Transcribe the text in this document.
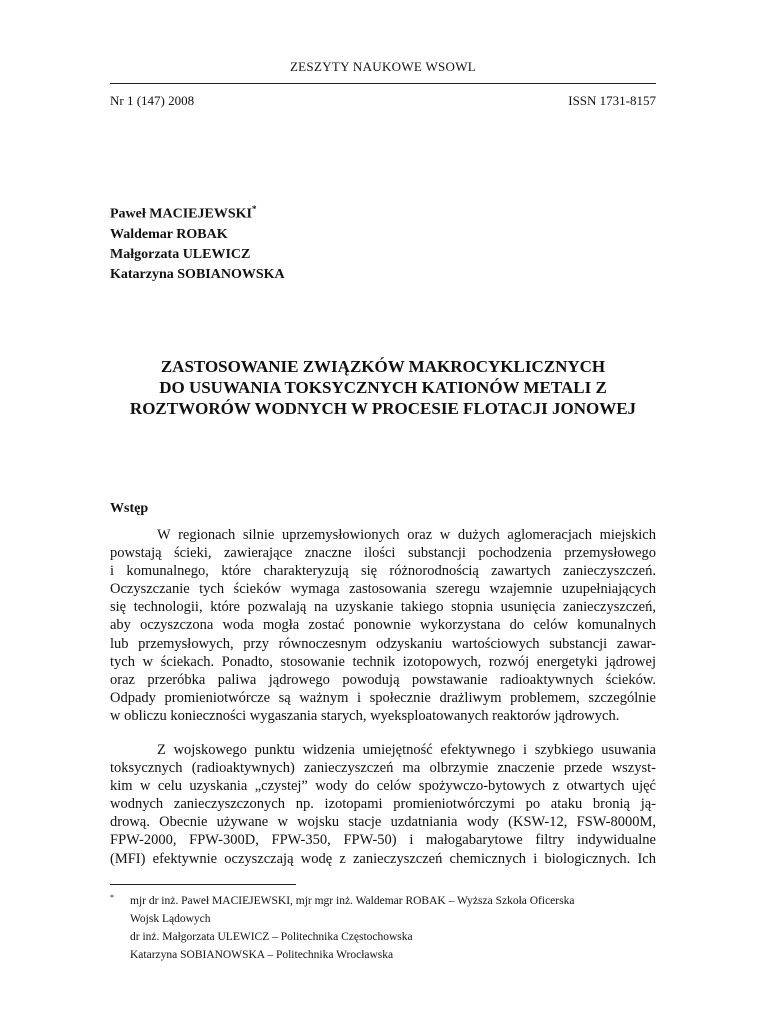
ZESZYTY NAUKOWE WSOWL
Nr 1 (147) 2008	ISSN 1731-8157
Paweł MACIEJEWSKI*
Waldemar ROBAK
Małgorzata ULEWICZ
Katarzyna SOBIANOWSKA
ZASTOSOWANIE ZWIĄZKÓW MAKROCYKLICZNYCH
DO USUWANIA TOKSYCZNYCH KATIONÓW METALI Z
ROZTWORÓW WODNYCH W PROCESIE FLOTACJI JONOWEJ
Wstęp
W regionach silnie uprzemysłowionych oraz w dużych aglomeracjach miejskich
powstają ścieki, zawierające znaczne ilości substancji pochodzenia przemysłowego
i komunalnego, które charakteryzują się różnorodnością zawartych zanieczyszczeń.
Oczyszczanie tych ścieków wymaga zastosowania szeregu wzajemnie uzupełniających
się technologii, które pozwalają na uzyskanie takiego stopnia usunięcia zanieczyszczeń,
aby oczyszczona woda mogła zostać ponownie wykorzystana do celów komunalnych
lub przemysłowych, przy równoczesnym odzyskaniu wartościowych substancji zawar-
tych w ściekach. Ponadto, stosowanie technik izotopowych, rozwój energetyki jądrowej
oraz przeróbka paliwa jądrowego powodują powstawanie radioaktywnych ścieków.
Odpady promieniotwórcze są ważnym i społecznie drażliwym problemem, szczególnie
w obliczu konieczności wygaszania starych, wyeksploatowanych reaktorów jądrowych.
Z wojskowego punktu widzenia umiejętność efektywnego i szybkiego usuwania
toksycznych (radioaktywnych) zanieczyszczeń ma olbrzymie znaczenie przede wszyst-
kim w celu uzyskania „czystej” wody do celów spożywczo-bytowych z otwartych ujęć
wodnych zanieczyszczonych np. izotopami promieniotwórczymi po ataku bronią ją-
drową. Obecnie używane w wojsku stacje uzdatniania wody (KSW-12, FSW-8000M,
FPW-2000, FPW-300D, FPW-350, FPW-50) i małogabarytowe filtry indywidualne
(MFI) efektywnie oczyszczają wodę z zanieczyszczeń chemicznych i biologicznych. Ich
*	mjr dr inż. Paweł MACIEJEWSKI, mjr mgr inż. Waldemar ROBAK – Wyższa Szkoła Oficerska
Wojsk Lądowych
dr inż. Małgorzata ULEWICZ – Politechnika Częstochowska
Katarzyna SOBIANOWSKA – Politechnika Wrocławska
